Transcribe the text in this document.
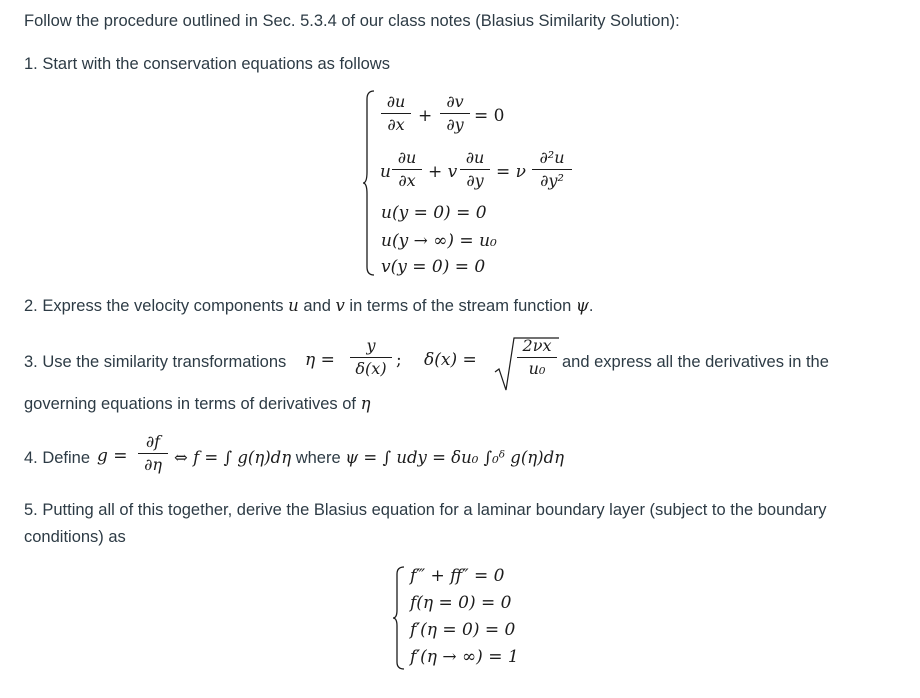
Follow the procedure outlined in Sec. 5.3.4 of our class notes (Blasius Similarity Solution):
1. Start with the conservation equations as follows
∂u
∂x +
∂v
∂y = 0
u
∂u
∂x + v
∂u
∂y = ν
∂²u
∂y²
u(y = 0) = 0
u(y → ∞) = u₀
v(y = 0) = 0
2. Express the velocity components u and v in terms of the stream function ψ.
3. Use the similarity transformations η =
y
δ(x) ; δ(x) =
2νx
u₀	and express all the derivatives in the
governing equations in terms of derivatives of η
4. Define g =
∂f
∂η ⇔ f = ∫ g(η)dη where ψ = ∫ udy = δu₀ ∫₀ᵟ g(η)dη
5. Putting all of this together, derive the Blasius equation for a laminar boundary layer (subject to the boundary
conditions) as
f‴ + ff″ = 0
f(η = 0) = 0
f′(η = 0) = 0
f′(η → ∞) = 1
